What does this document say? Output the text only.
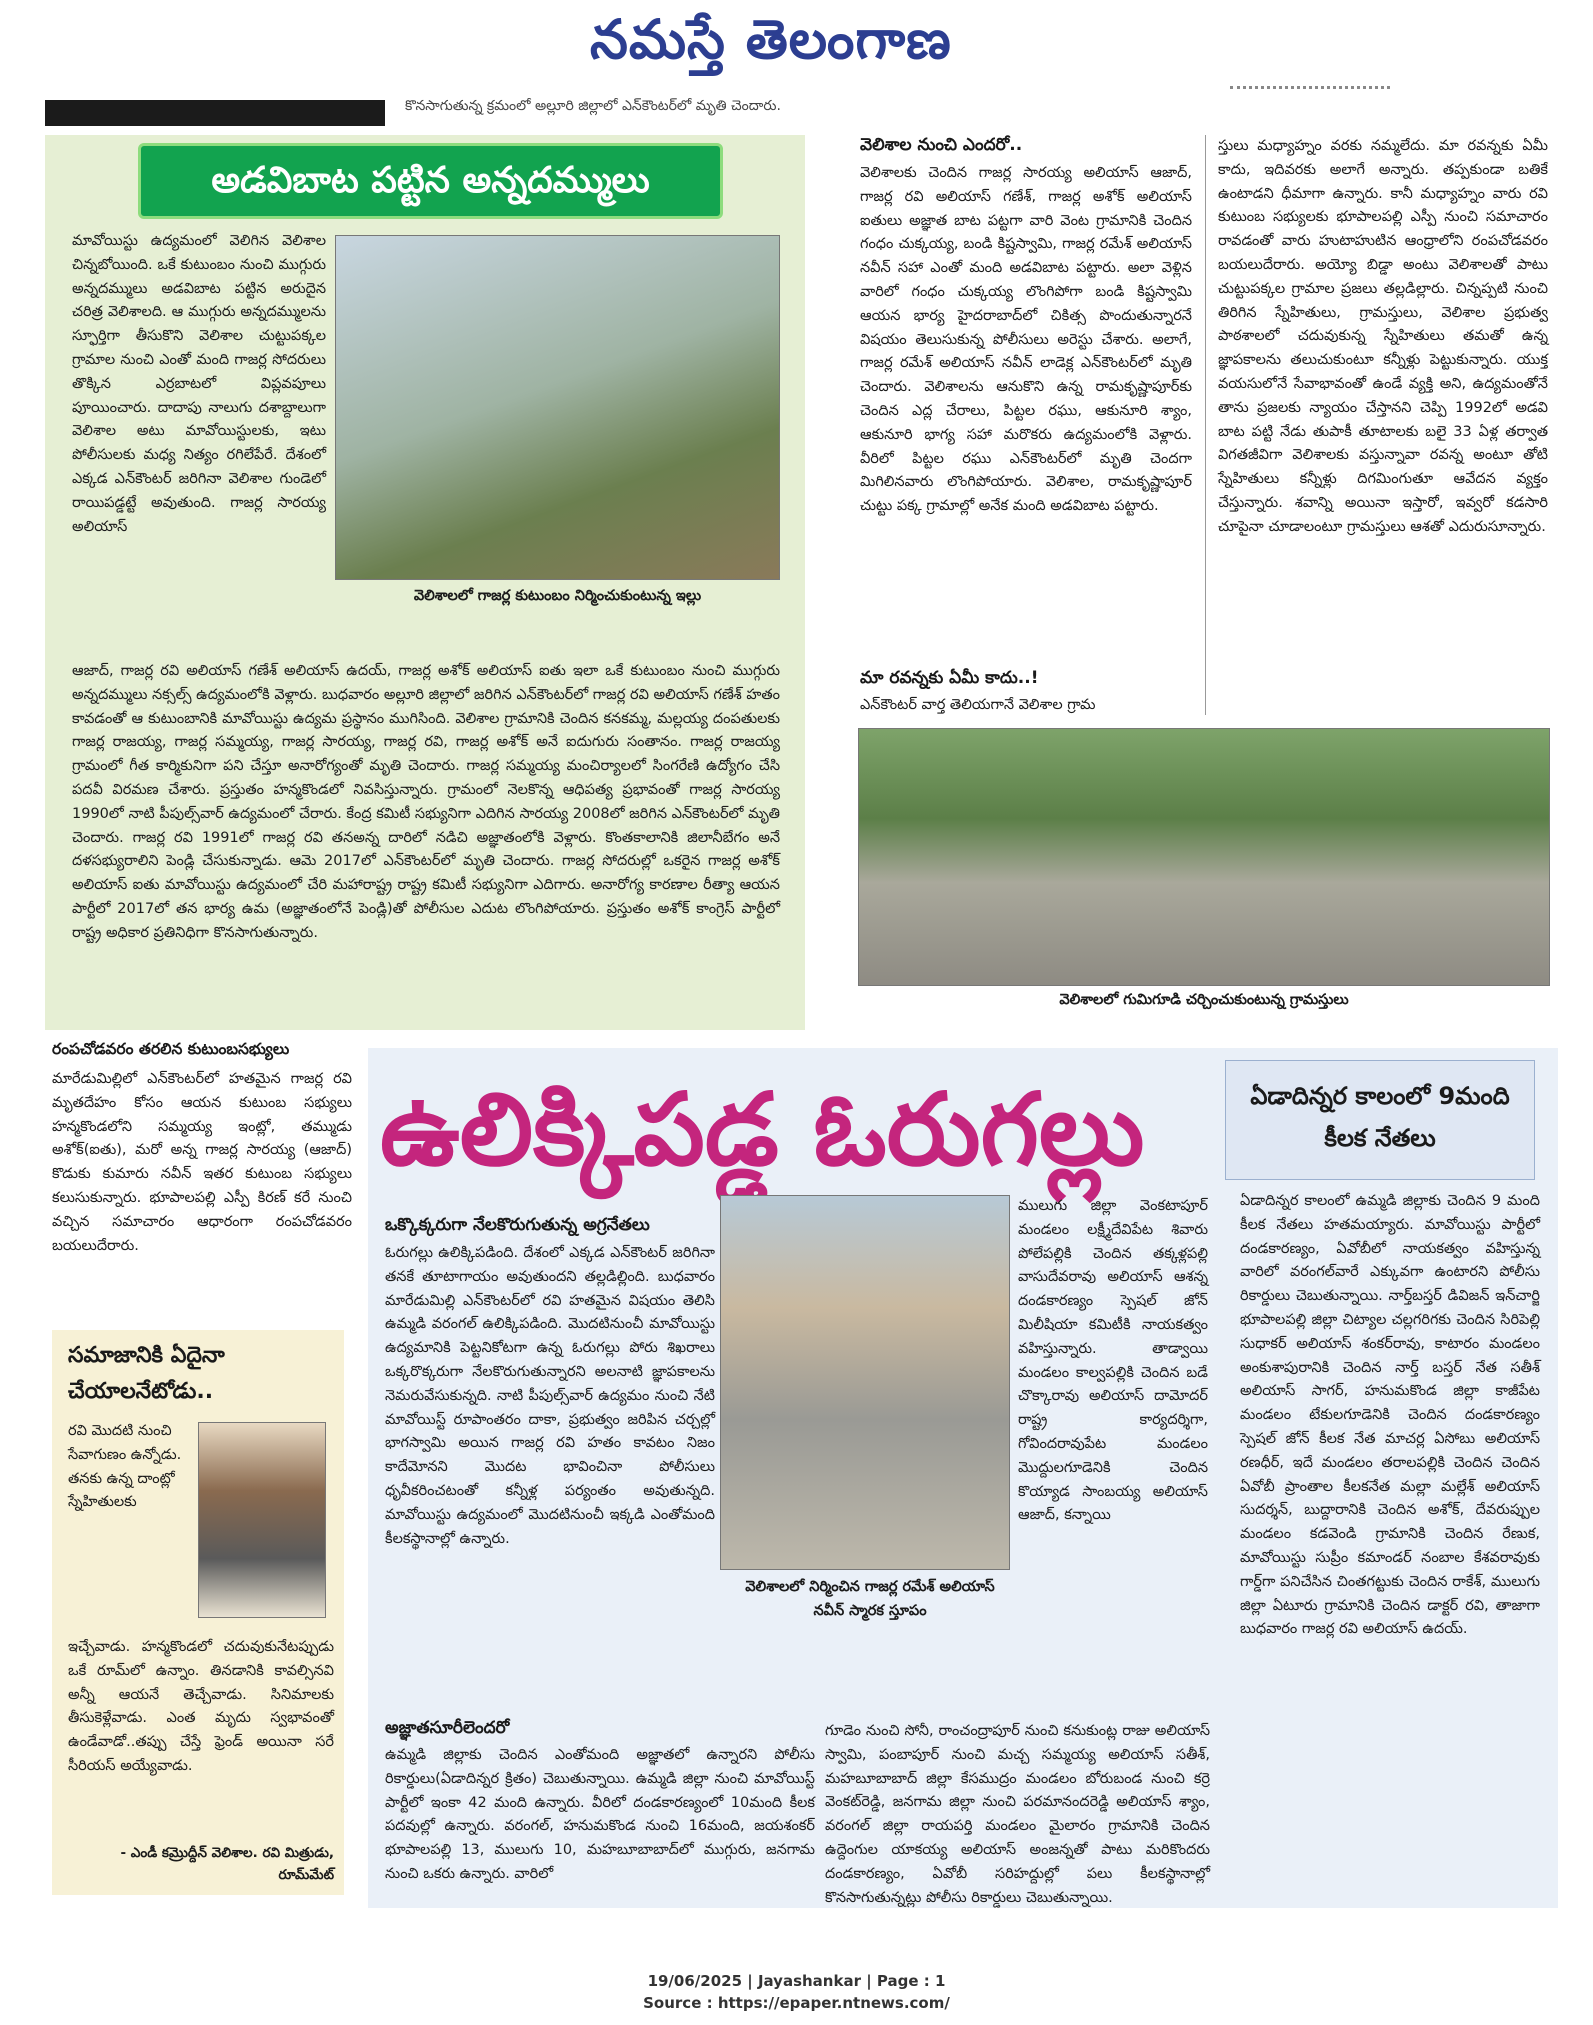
నమస్తే తెలంగాణ
కొనసాగుతున్న క్రమంలో అల్లూరి జిల్లాలో ఎన్‌కౌంటర్‌లో మృతి చెందారు.
అడవిబాట పట్టిన అన్నదమ్ములు

మావోయిస్టు ఉద్యమంలో వెలిగిన వెలిశాల చిన్నబోయింది. ఒకే కుటుంబం నుంచి ముగ్గురు అన్నదమ్ములు అడవిబాట పట్టిన అరుదైన చరిత్ర వెలిశాలది. ఆ ముగ్గురు అన్నదమ్ములను స్ఫూర్తిగా తీసుకొని వెలిశాల చుట్టుపక్కల గ్రామాల నుంచి ఎంతో మంది గాజర్ల సోదరులు తొక్కిన ఎర్రబాటలో విప్లవపూలు పూయించారు. దాదాపు నాలుగు దశాబ్దాలుగా వెలిశాల అటు మావోయిస్టులకు, ఇటు పోలీసులకు మధ్య నిత్యం రగిలేపేరే. దేశంలో ఎక్కడ ఎన్‌కౌంటర్ జరిగినా వెలిశాల గుండెలో రాయిపడ్డట్టే అవుతుంది. గాజర్ల సారయ్య అలియాస్

వెలిశాలలో గాజర్ల కుటుంబం నిర్మించుకుంటున్న ఇల్లు

ఆజాద్, గాజర్ల రవి అలియాస్ గణేశ్ అలియాస్ ఉదయ్, గాజర్ల అశోక్ అలియాస్ ఐతు ఇలా ఒకే కుటుంబం నుంచి ముగ్గురు అన్నదమ్ములు నక్సల్స్ ఉద్యమంలోకి వెళ్లారు. బుధవారం అల్లూరి జిల్లాలో జరిగిన ఎన్‌కౌంటర్‌లో గాజర్ల రవి అలియాస్ గణేశ్ హతం కావడంతో ఆ కుటుంబానికి మావోయిస్టు ఉద్యమ ప్రస్థానం ముగిసింది. వెలిశాల గ్రామానికి చెందిన కనకమ్మ, మల్లయ్య దంపతులకు గాజర్ల రాజయ్య, గాజర్ల సమ్మయ్య, గాజర్ల సారయ్య, గాజర్ల రవి, గాజర్ల అశోక్ అనే ఐదుగురు సంతానం. గాజర్ల రాజయ్య గ్రామంలో గీత కార్మికునిగా పని చేస్తూ అనారోగ్యంతో మృతి చెందారు. గాజర్ల సమ్మయ్య మంచిర్యాలలో సింగరేణి ఉద్యోగం చేసి పదవీ విరమణ చేశారు. ప్రస్తుతం హన్మకొండలో నివసిస్తున్నారు. గ్రామంలో నెలకొన్న ఆధిపత్య ప్రభావంతో గాజర్ల సారయ్య 1990లో నాటి పీపుల్స్‌వార్ ఉద్యమంలో చేరారు. కేంద్ర కమిటీ సభ్యునిగా ఎదిగిన సారయ్య 2008లో జరిగిన ఎన్‌కౌంటర్‌లో మృతి చెందారు. గాజర్ల రవి 1991లో గాజర్ల రవి తనఅన్న దారిలో నడిచి అజ్ఞాతంలోకి వెళ్లారు. కొంతకాలానికి జిలానీబేగం అనే దళసభ్యురాలిని పెండ్లి చేసుకున్నాడు. ఆమె 2017లో ఎన్‌కౌంటర్‌లో మృతి చెందారు. గాజర్ల సోదరుల్లో ఒకరైన గాజర్ల అశోక్ అలియాస్ ఐతు మావోయిస్టు ఉద్యమంలో చేరి మహారాష్ట్ర రాష్ట్ర కమిటీ సభ్యునిగా ఎదిగారు. అనారోగ్య కారణాల రీత్యా ఆయన పార్టీలో 2017లో తన భార్య ఉమ (అజ్ఞాతంలోనే పెండ్లి)తో పోలీసుల ఎదుట లొంగిపోయారు. ప్రస్తుతం అశోక్ కాంగ్రెస్ పార్టీలో రాష్ట్ర అధికార ప్రతినిధిగా కొనసాగుతున్నారు.

వెలిశాల నుంచి ఎందరో..

వెలిశాలకు చెందిన గాజర్ల సారయ్య అలియాస్ ఆజాద్, గాజర్ల రవి అలియాస్ గణేశ్, గాజర్ల అశోక్ అలియాస్ ఐతులు అజ్ఞాత బాట పట్టగా వారి వెంట గ్రామానికి చెందిన గంధం చుక్కయ్య, బండి కిష్టస్వామి, గాజర్ల రమేశ్ అలియాస్ నవీన్ సహా ఎంతో మంది అడవిబాట పట్టారు. అలా వెళ్లిన వారిలో గంధం చుక్కయ్య లొంగిపోగా బండి కిష్టస్వామి ఆయన భార్య హైదరాబాద్‌లో చికిత్స పొందుతున్నారనే విషయం తెలుసుకున్న పోలీసులు అరెస్టు చేశారు. అలాగే, గాజర్ల రమేశ్ అలియాస్ నవీన్ లాడెక్ల ఎన్‌కౌంటర్‌లో మృతి చెందారు. వెలిశాలను ఆనుకొని ఉన్న రామకృష్ణాపూర్‌కు చెందిన ఎద్ల చేరాలు, పిట్టల రఘు, ఆకునూరి శ్యాం, ఆకునూరి భాగ్య సహా మరొకరు ఉద్యమంలోకి వెళ్లారు. వీరిలో పిట్టల రఘు ఎన్‌కౌంటర్‌లో మృతి చెందగా మిగిలినవారు లొంగిపోయారు. వెలిశాల, రామకృష్ణాపూర్ చుట్టు పక్క గ్రామాల్లో అనేక మంది అడవిబాట పట్టారు.

మా రవన్నకు ఏమీ కాదు..!

ఎన్‌కౌంటర్ వార్త తెలియగానే వెలిశాల గ్రామ

స్తులు మధ్యాహ్నం వరకు నమ్మలేదు. మా రవన్నకు ఏమీ కాదు, ఇదివరకు అలాగే అన్నారు. తప్పకుండా బతికే ఉంటాడని ధీమాగా ఉన్నారు. కానీ మధ్యాహ్నం వారు రవి కుటుంబ సభ్యులకు భూపాలపల్లి ఎస్పీ నుంచి సమాచారం రావడంతో వారు హుటాహుటిన ఆంధ్రాలోని రంపచోడవరం బయలుదేరారు. అయ్యో బిడ్డా అంటు వెలిశాలతో పాటు చుట్టుపక్కల గ్రామాల ప్రజలు తల్లడిల్లారు. చిన్నప్పటి నుంచి తిరిగిన స్నేహితులు, గ్రామస్తులు, వెలిశాల ప్రభుత్వ పాఠశాలలో చదువుకున్న స్నేహితులు తమతో ఉన్న జ్ఞాపకాలను తలుచుకుంటూ కన్నీళ్లు పెట్టుకున్నారు. యుక్త వయసులోనే సేవాభావంతో ఉండే వ్యక్తి అని, ఉద్యమంతోనే తాను ప్రజలకు న్యాయం చేస్తానని చెప్పి 1992లో అడవి బాట పట్టి నేడు తుపాకీ తూటాలకు బలై 33 ఏళ్ల తర్వాత విగతజీవిగా వెలిశాలకు వస్తున్నావా రవన్న అంటూ తోటి స్నేహితులు కన్నీళ్లు దిగమింగుతూ ఆవేదన వ్యక్తం చేస్తున్నారు. శవాన్ని అయినా ఇస్తారో, ఇవ్వరో కడసారి చూపైనా చూడాలంటూ గ్రామస్తులు ఆశతో ఎదురుసూన్నారు.

వెలిశాలలో గుమిగూడి చర్చించుకుంటున్న గ్రామస్తులు
రంపచోడవరం తరలిన కుటుంబసభ్యులు

మారేడుమిల్లిలో ఎన్‌కౌంటర్‌లో హతమైన గాజర్ల రవి మృతదేహం కోసం ఆయన కుటుంబ సభ్యులు హన్మకొండలోని సమ్మయ్య ఇంట్లో, తమ్ముడు అశోక్(ఐతు), మరో అన్న గాజర్ల సారయ్య (ఆజాద్) కొడుకు కుమారు నవీన్ ఇతర కుటుంబ సభ్యులు కలుసుకున్నారు. భూపాలపల్లి ఎస్పీ కిరణ్ కరే నుంచి వచ్చిన సమాచారం ఆధారంగా రంపచోడవరం బయలుదేరారు.

సమాజానికి ఏదైనా చేయాలనేటోడు..

రవి మొదటి నుంచి సేవాగుణం ఉన్నోడు. తనకు ఉన్న దాంట్లో స్నేహితులకు

ఇచ్చేవాడు. హన్మకొండలో చదువుకునేటప్పుడు ఒకే రూమ్‌లో ఉన్నాం. తినడానికి కావల్సినవి అన్నీ ఆయనే తెచ్చేవాడు. సినిమాలకు తీసుకెళ్లేవాడు. ఎంత మృదు స్వభావంతో ఉండేవాడో..తప్పు చేస్తే ఫ్రెండ్ అయినా సరే సీరియస్ అయ్యేవాడు.

- ఎండీ కమ్రొద్దీన్ వెలిశాల. రవి మిత్రుడు, రూమ్‌మేట్
ఉలిక్కిపడ్డ ఓరుగల్లు	ఏడాదిన్నర కాలంలో 9మంది కీలక నేతలు
ఒక్కొక్కరుగా నేలకొరుగుతున్న అగ్రనేతలు

ఓరుగల్లు ఉలిక్కిపడింది. దేశంలో ఎక్కడ ఎన్‌కౌంటర్ జరిగినా తనకే తూటాగాయం అవుతుందని తల్లడిల్లింది. బుధవారం మారేడుమిల్లి ఎన్‌కౌంటర్‌లో రవి హతమైన విషయం తెలిసి ఉమ్మడి వరంగల్ ఉలిక్కిపడింది. మొదటినుంచీ మావోయిస్టు ఉద్యమానికి పెట్టనికోటగా ఉన్న ఓరుగల్లు పోరు శిఖరాలు ఒక్కరొక్కరుగా నేలకొరుగుతున్నారని అలనాటి జ్ఞాపకాలను నెమరువేసుకున్నది. నాటి పీపుల్స్‌వార్ ఉద్యమం నుంచి నేటి మావోయిస్ట్ రూపాంతరం దాకా, ప్రభుత్వం జరిపిన చర్చల్లో భాగస్వామి అయిన గాజర్ల రవి హతం కావటం నిజం కాదేమోనని మొదట భావించినా పోలీసులు ధృవీకరించటంతో కన్నీళ్ల పర్యంతం అవుతున్నది. మావోయిస్టు ఉద్యమంలో మొదటినుంచీ ఇక్కడి ఎంతోమంది కీలకస్థానాల్లో ఉన్నారు.

అజ్ఞాతసూరీలెందరో

ఉమ్మడి జిల్లాకు చెందిన ఎంతోమంది అజ్ఞాతలో ఉన్నారని పోలీసు రికార్డులు(ఏడాదిన్నర క్రితం) చెబుతున్నాయి. ఉమ్మడి జిల్లా నుంచి మావోయిస్ట్ పార్టీలో ఇంకా 42 మంది ఉన్నారు. వీరిలో దండకారణ్యంలో 10మంది కీలక పదవుల్లో ఉన్నారు. వరంగల్, హనుమకొండ నుంచి 16మంది, జయశంకర్ భూపాలపల్లి 13, ములుగు 10, మహబూబాబాద్‌లో ముగ్గురు, జనగామ నుంచి ఒకరు ఉన్నారు. వారిలో

వెలిశాలలో నిర్మించిన గాజర్ల రమేశ్ అలియాస్ నవీన్ స్మారక స్తూపం

ములుగు జిల్లా వెంకటాపూర్ మండలం లక్ష్మీదేవిపేట శివారు పోలేపల్లికి చెందిన తక్కళ్లపల్లి వాసుదేవరావు అలియాస్ ఆశన్న దండకారణ్యం స్పెషల్ జోన్ మిలీషియా కమిటీకి నాయకత్వం వహిస్తున్నారు. తాడ్వాయి మండలం కాల్వపల్లికి చెందిన బడే చొక్కారావు అలియాస్ దామోదర్ రాష్ట్ర కార్యదర్శిగా, గోవిందరావుపేట మండలం మొద్దులగూడెనికి చెందిన కొయ్యాడ సాంబయ్య అలియాస్ ఆజాద్, కన్నాయి

గూడెం నుంచి సోనీ, రాంచంద్రాపూర్ నుంచి కనుకుంట్ల రాజు అలియాస్ స్వామి, పంబాపూర్ నుంచి మచ్చ సమ్మయ్య అలియాస్ సతీశ్, మహబూబాబాద్ జిల్లా కేసముద్రం మండలం బోరుబండ నుంచి కర్రె వెంకట్‌రెడ్డి, జనగామ జిల్లా నుంచి పరమానందరెడ్డి అలియాస్ శ్యాం, వరంగల్ జిల్లా రాయపర్తి మండలం మైలారం గ్రామానికి చెందిన ఉద్దెంగుల యాకయ్య అలియాస్ అంజన్నతో పాటు మరికొందరు దండకారణ్యం, ఏవోబీ సరిహద్దుల్లో పలు కీలకస్థానాల్లో కొనసాగుతున్నట్లు పోలీసు రికార్డులు చెబుతున్నాయి.

ఏడాదిన్నర కాలంలో ఉమ్మడి జిల్లాకు చెందిన 9 మంది కీలక నేతలు హతమయ్యారు. మావోయిస్టు పార్టీలో దండకారణ్యం, ఏవోబీలో నాయకత్వం వహిస్తున్న వారిలో వరంగల్‌వారే ఎక్కువగా ఉంటారని పోలీసు రికార్డులు చెబుతున్నాయి. నార్త్‌బస్తర్ డివిజన్ ఇన్‌చార్జి భూపాలపల్లి జిల్లా చిట్యాల చల్లగరిగకు చెందిన సిరిపెల్లి సుధాకర్ అలియాస్ శంకర్‌రావు, కాటారం మండలం అంకుశాపురానికి చెందిన నార్త్ బస్తర్ నేత సతీశ్ అలియాస్ సాగర్, హనుమకొండ జిల్లా కాజీపేట మండలం టేకులగూడెనికి చెందిన దండకారణ్యం స్పెషల్ జోన్ కీలక నేత మాచర్ల ఏసోబు అలియాస్ రణధీర్, ఇదే మండలం తరాలపల్లికి చెందిన చెందిన ఏవోబీ ప్రాంతాల కీలకనేత మల్లా మల్లేశ్ అలియాస్ సుదర్శన్, బుద్దారానికి చెందిన అశోక్, దేవరుప్పుల మండలం కడవెండి గ్రామానికి చెందిన రేణుక, మావోయిస్టు సుప్రీం కమాండర్ నంబాల కేశవరావుకు గార్డ్‌గా పనిచేసిన చింతగట్టుకు చెందిన రాకేశ్, ములుగు జిల్లా ఏటూరు గ్రామానికి చెందిన డాక్టర్ రవి, తాజాగా బుధవారం గాజర్ల రవి అలియాస్ ఉదయ్.

19/06/2025 | Jayashankar | Page : 1
Source : https://epaper.ntnews.com/
